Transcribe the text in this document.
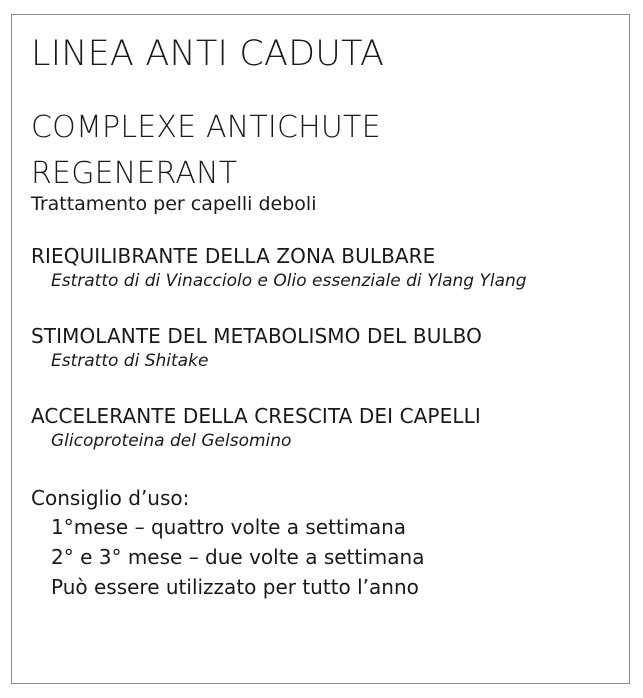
LINEA ANTI CADUTA
COMPLEXE ANTICHUTE
REGENERANT
Trattamento per capelli deboli
RIEQUILIBRANTE DELLA ZONA BULBARE
Estratto di di Vinacciolo e Olio essenziale di Ylang Ylang
STIMOLANTE DEL METABOLISMO DEL BULBO
Estratto di Shitake
ACCELERANTE DELLA CRESCITA DEI CAPELLI
Glicoproteina del Gelsomino
Consiglio d’uso:
1°mese – quattro volte a settimana
2° e 3° mese – due volte a settimana
Può essere utilizzato per tutto l’anno
